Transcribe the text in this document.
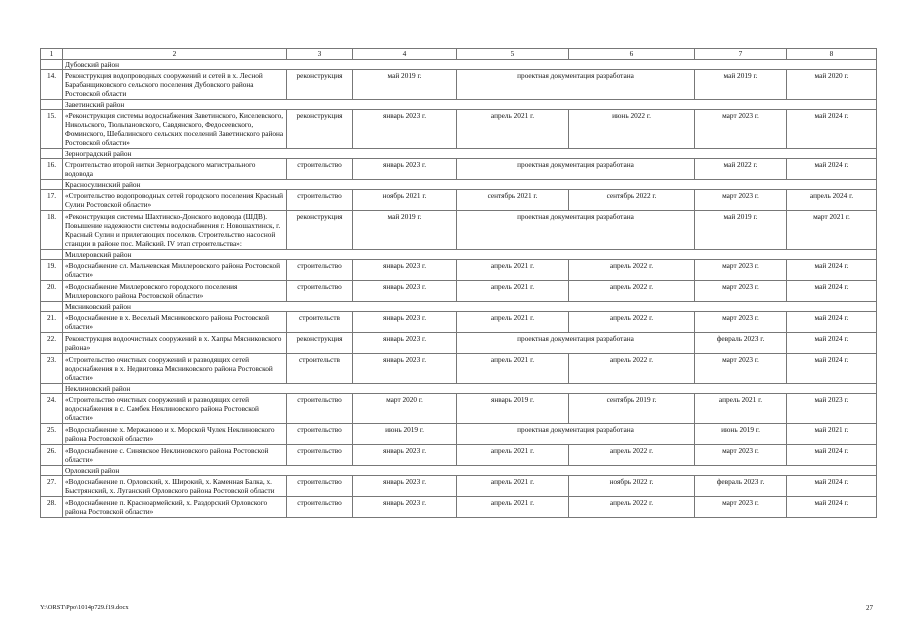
1	2	3	4	5	6	7	8
	Дубовский район						
14.	Реконструкция водопроводных сооружений и сетей в х. Лесной Барабанщиковского сельского поселения Дубовского района Ростовской области	реконструкция	май 2019 г.	проектная документация разработана		май 2019 г.	май 2020 г.
	Заветинский район						
15.	«Реконструкция системы водоснабжения Заветинского, Киселевского, Никольского, Тюльпановского, Савдянского, Федосеевского, Фоминского, Шебалинского сельских поселений Заветинского района Ростовской области»	реконструкция	январь 2023 г.	апрель 2021 г.	июнь 2022 г.	март 2023 г.	май 2024 г.
	Зерноградский район						
16.	Строительство второй нитки Зерноградского магистрального водовода	строительство	январь 2023 г.	проектная документация разработана		май 2022 г.	май 2024 г.
	Красносулинский район						
17.	«Строительство водопроводных сетей городского поселения Красный Сулин Ростовской области»	строительство	ноябрь 2021 г.	сентябрь 2021 г.	сентябрь 2022 г.	март 2023 г.	апрель 2024 г.
18.	«Реконструкция системы Шахтинско-Донского водовода (ШДВ). Повышение надежности системы водоснабжения г. Новошахтинск, г. Красный Сулин и прилегающих поселков. Строительство насосной станции в районе пос. Майский. IV этап строительства»:	реконструкция	май 2019 г.	проектная документация разработана		май 2019 г.	март 2021 г.
	Миллеровский район						
19.	«Водоснабжение сл. Мальчевская Миллеровского района Ростовской области»	строительство	январь 2023 г.	апрель 2021 г.	апрель 2022 г.	март 2023 г.	май 2024 г.
20.	«Водоснабжение Миллеровского городского поселения Миллеровского района Ростовской области»	строительство	январь 2023 г.	апрель 2021 г.	апрель 2022 г.	март 2023 г.	май 2024 г.
	Мясниковский район						
21.	«Водоснабжение в х. Веселый Мясниковского района Ростовской области»	строительств	январь 2023 г.	апрель 2021 г.	апрель 2022 г.	март 2023 г.	май 2024 г.
22.	Реконструкция водоочистных сооружений в х. Хапры Мясниковского района»	реконструкция	январь 2023 г.	проектная документация разработана		февраль 2023 г.	май 2024 г.
23.	«Строительство очистных сооружений и разводящих сетей водоснабжения в х. Недвиговка Мясниковского района Ростовской области»	строительств	январь 2023 г.	апрель 2021 г.	апрель 2022 г.	март 2023 г.	май 2024 г.
	Неклиновский район						
24.	«Строительство очистных сооружений и разводящих сетей водоснабжения в с. Самбек Неклиновского района Ростовской области»	строительство	март 2020 г.	январь 2019 г.	сентябрь 2019 г.	апрель 2021 г.	май 2023 г.
25.	«Водоснабжение х. Мержаново и х. Морской Чулек Неклиновского района Ростовской области»	строительство	июнь 2019 г.	проектная документация разработана		июнь 2019 г.	май 2021 г.
26.	«Водоснабжение с. Синявское Неклиновского района Ростовской области»	строительство	январь 2023 г.	апрель 2021 г.	апрель 2022 г.	март 2023 г.	май 2024 г.
	Орловский район						
27.	«Водоснабжение п. Орловский, х. Широкий, х. Каменная Балка, х. Быстрянский, х. Луганский Орловского района Ростовской области	строительство	январь 2023 г.	апрель 2021 г.	ноябрь 2022 г.	февраль 2023 г.	май 2024 г.
28.	«Водоснабжение п. Красноармейский, х. Раздорский Орловского района Ростовской области»	строительство	январь 2023 г.	апрель 2021 г.	апрель 2022 г.	март 2023 г.	май 2024 г.
Y:\ORST\Ppo\1014p729.f19.docx	27
